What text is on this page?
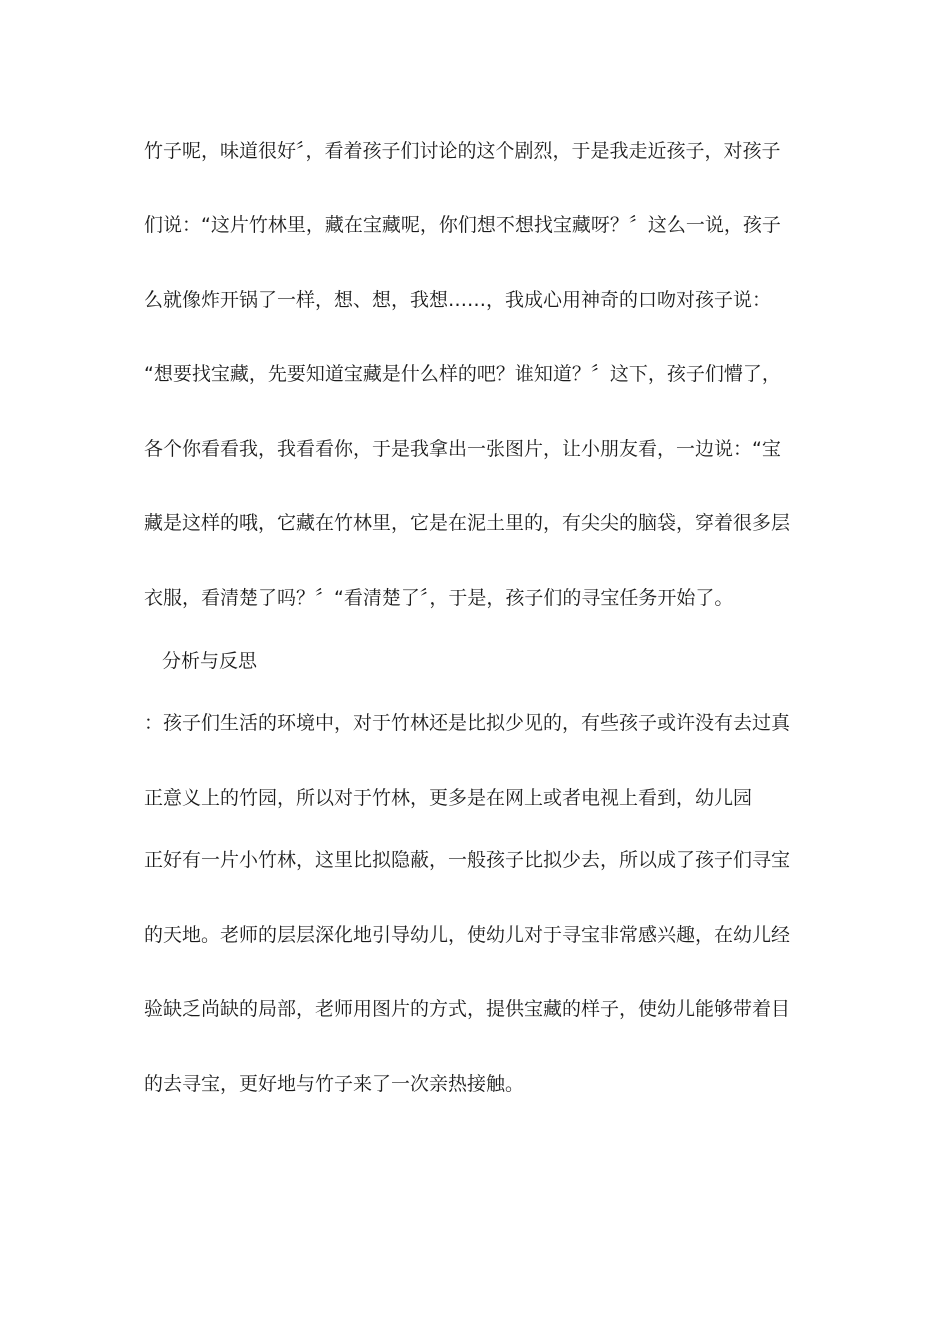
竹子呢，味道很好〞，看着孩子们讨论的这个剧烈，于是我走近孩子，对孩子
们说：“这片竹林里，藏在宝藏呢，你们想不想找宝藏呀？〞这么一说，孩子
么就像炸开锅了一样，想、想，我想……，我成心用神奇的口吻对孩子说：
“想要找宝藏，先要知道宝藏是什么样的吧？谁知道？〞这下，孩子们懵了，
各个你看看我，我看看你，于是我拿出一张图片，让小朋友看，一边说：“宝
藏是这样的哦，它藏在竹林里，它是在泥土里的，有尖尖的脑袋，穿着很多层
衣服，看清楚了吗？〞“看清楚了〞，于是，孩子们的寻宝任务开始了。
分析与反思
：孩子们生活的环境中，对于竹林还是比拟少见的，有些孩子或许没有去过真
正意义上的竹园，所以对于竹林，更多是在网上或者电视上看到，幼儿园
正好有一片小竹林，这里比拟隐蔽，一般孩子比拟少去，所以成了孩子们寻宝
的天地。老师的层层深化地引导幼儿，使幼儿对于寻宝非常感兴趣，在幼儿经
验缺乏尚缺的局部，老师用图片的方式，提供宝藏的样子，使幼儿能够带着目
的去寻宝，更好地与竹子来了一次亲热接触。
